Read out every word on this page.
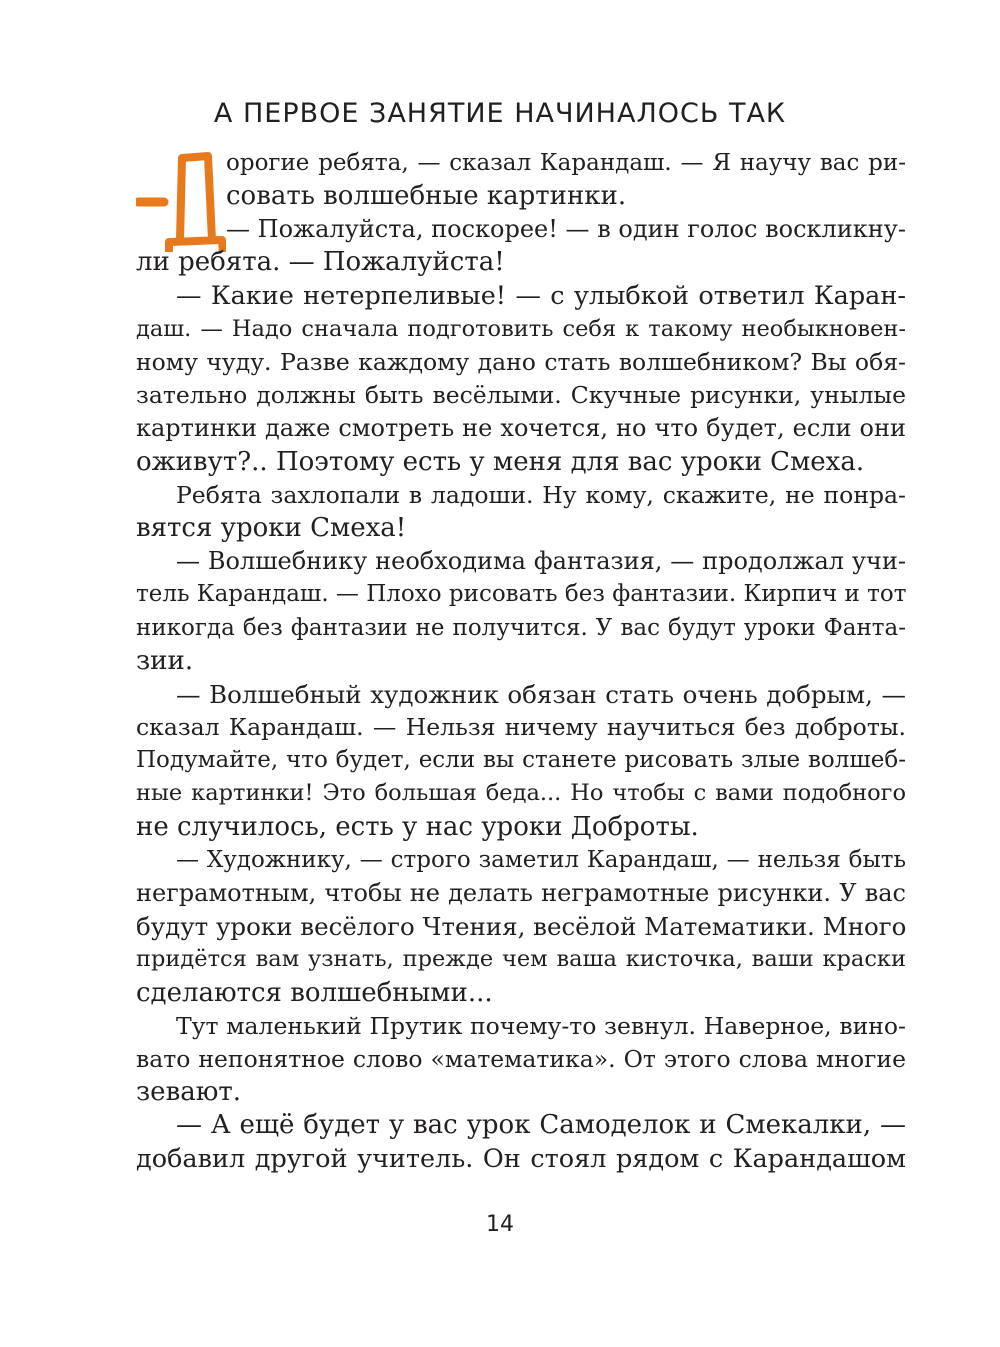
А ПЕРВОЕ ЗАНЯТИЕ НАЧИНАЛОСЬ ТАК
орогие ребята, — сказал Карандаш. — Я научу вас ри-
совать волшебные картинки.
— Пожалуйста, поскорее! — в один голос воскликну-
ли ребята. — Пожалуйста!
— Какие нетерпеливые! — с улыбкой ответил Каран-
даш. — Надо сначала подготовить себя к такому необыкновен-
ному чуду. Разве каждому дано стать волшебником? Вы обя-
зательно должны быть весёлыми. Скучные рисунки, унылые
картинки даже смотреть не хочется, но что будет, если они
оживут?.. Поэтому есть у меня для вас уроки Смеха.
Ребята захлопали в ладоши. Ну кому, скажите, не понра-
вятся уроки Смеха!
— Волшебнику необходима фантазия, — продолжал учи-
тель Карандаш. — Плохо рисовать без фантазии. Кирпич и тот
никогда без фантазии не получится. У вас будут уроки Фанта-
зии.
— Волшебный художник обязан стать очень добрым, —
сказал Карандаш. — Нельзя ничему научиться без доброты.
Подумайте, что будет, если вы станете рисовать злые волшеб-
ные картинки! Это большая беда... Но чтобы с вами подобного
не случилось, есть у нас уроки Доброты.
— Художнику, — строго заметил Карандаш, — нельзя быть
неграмотным, чтобы не делать неграмотные рисунки. У вас
будут уроки весёлого Чтения, весёлой Математики. Много
придётся вам узнать, прежде чем ваша кисточка, ваши краски
сделаются волшебными...
Тут маленький Прутик почему-то зевнул. Наверное, вино-
вато непонятное слово «математика». От этого слова многие
зевают.
— А ещё будет у вас урок Самоделок и Смекалки, —
добавил другой учитель. Он стоял рядом с Карандашом
14
